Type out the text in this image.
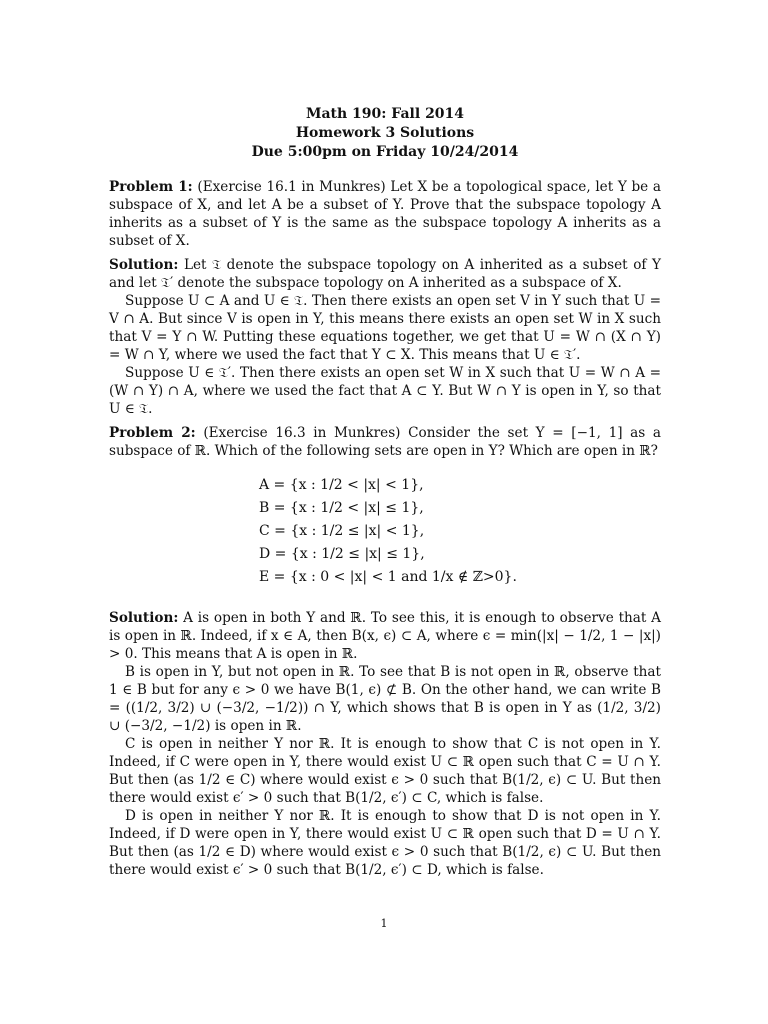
Math 190: Fall 2014
Homework 3 Solutions
Due 5:00pm on Friday 10/24/2014

Problem 1: (Exercise 16.1 in Munkres) Let X be a topological space, let Y be a subspace of X, and let A be a subset of Y. Prove that the subspace topology A inherits as a subset of Y is the same as the subspace topology A inherits as a subset of X.

Solution: Let 𝔗 denote the subspace topology on A inherited as a subset of Y and let 𝔗′ denote the subspace topology on A inherited as a subspace of X.

Suppose U ⊂ A and U ∈ 𝔗. Then there exists an open set V in Y such that U = V ∩ A. But since V is open in Y, this means there exists an open set W in X such that V = Y ∩ W. Putting these equations together, we get that U = W ∩ (X ∩ Y) = W ∩ Y, where we used the fact that Y ⊂ X. This means that U ∈ 𝔗′.

Suppose U ∈ 𝔗′. Then there exists an open set W in X such that U = W ∩ A = (W ∩ Y) ∩ A, where we used the fact that A ⊂ Y. But W ∩ Y is open in Y, so that U ∈ 𝔗.

Problem 2: (Exercise 16.3 in Munkres) Consider the set Y = [−1, 1] as a subspace of ℝ. Which of the following sets are open in Y? Which are open in ℝ?

A = {x : 1/2 < |x| < 1},
B = {x : 1/2 < |x| ≤ 1},
C = {x : 1/2 ≤ |x| < 1},
D = {x : 1/2 ≤ |x| ≤ 1},
E = {x : 0 < |x| < 1 and 1/x ∉ ℤ>0}.

Solution: A is open in both Y and ℝ. To see this, it is enough to observe that A is open in ℝ. Indeed, if x ∈ A, then B(x, ϵ) ⊂ A, where ϵ = min(|x| − 1/2, 1 − |x|) > 0. This means that A is open in ℝ.

B is open in Y, but not open in ℝ. To see that B is not open in ℝ, observe that 1 ∈ B but for any ϵ > 0 we have B(1, ϵ) ⊄ B. On the other hand, we can write B = ((1/2, 3/2) ∪ (−3/2, −1/2)) ∩ Y, which shows that B is open in Y as (1/2, 3/2) ∪ (−3/2, −1/2) is open in ℝ.

C is open in neither Y nor ℝ. It is enough to show that C is not open in Y. Indeed, if C were open in Y, there would exist U ⊂ ℝ open such that C = U ∩ Y. But then (as 1/2 ∈ C) where would exist ϵ > 0 such that B(1/2, ϵ) ⊂ U. But then there would exist ϵ′ > 0 such that B(1/2, ϵ′) ⊂ C, which is false.

D is open in neither Y nor ℝ. It is enough to show that D is not open in Y. Indeed, if D were open in Y, there would exist U ⊂ ℝ open such that D = U ∩ Y. But then (as 1/2 ∈ D) where would exist ϵ > 0 such that B(1/2, ϵ) ⊂ U. But then there would exist ϵ′ > 0 such that B(1/2, ϵ′) ⊂ D, which is false.

1
